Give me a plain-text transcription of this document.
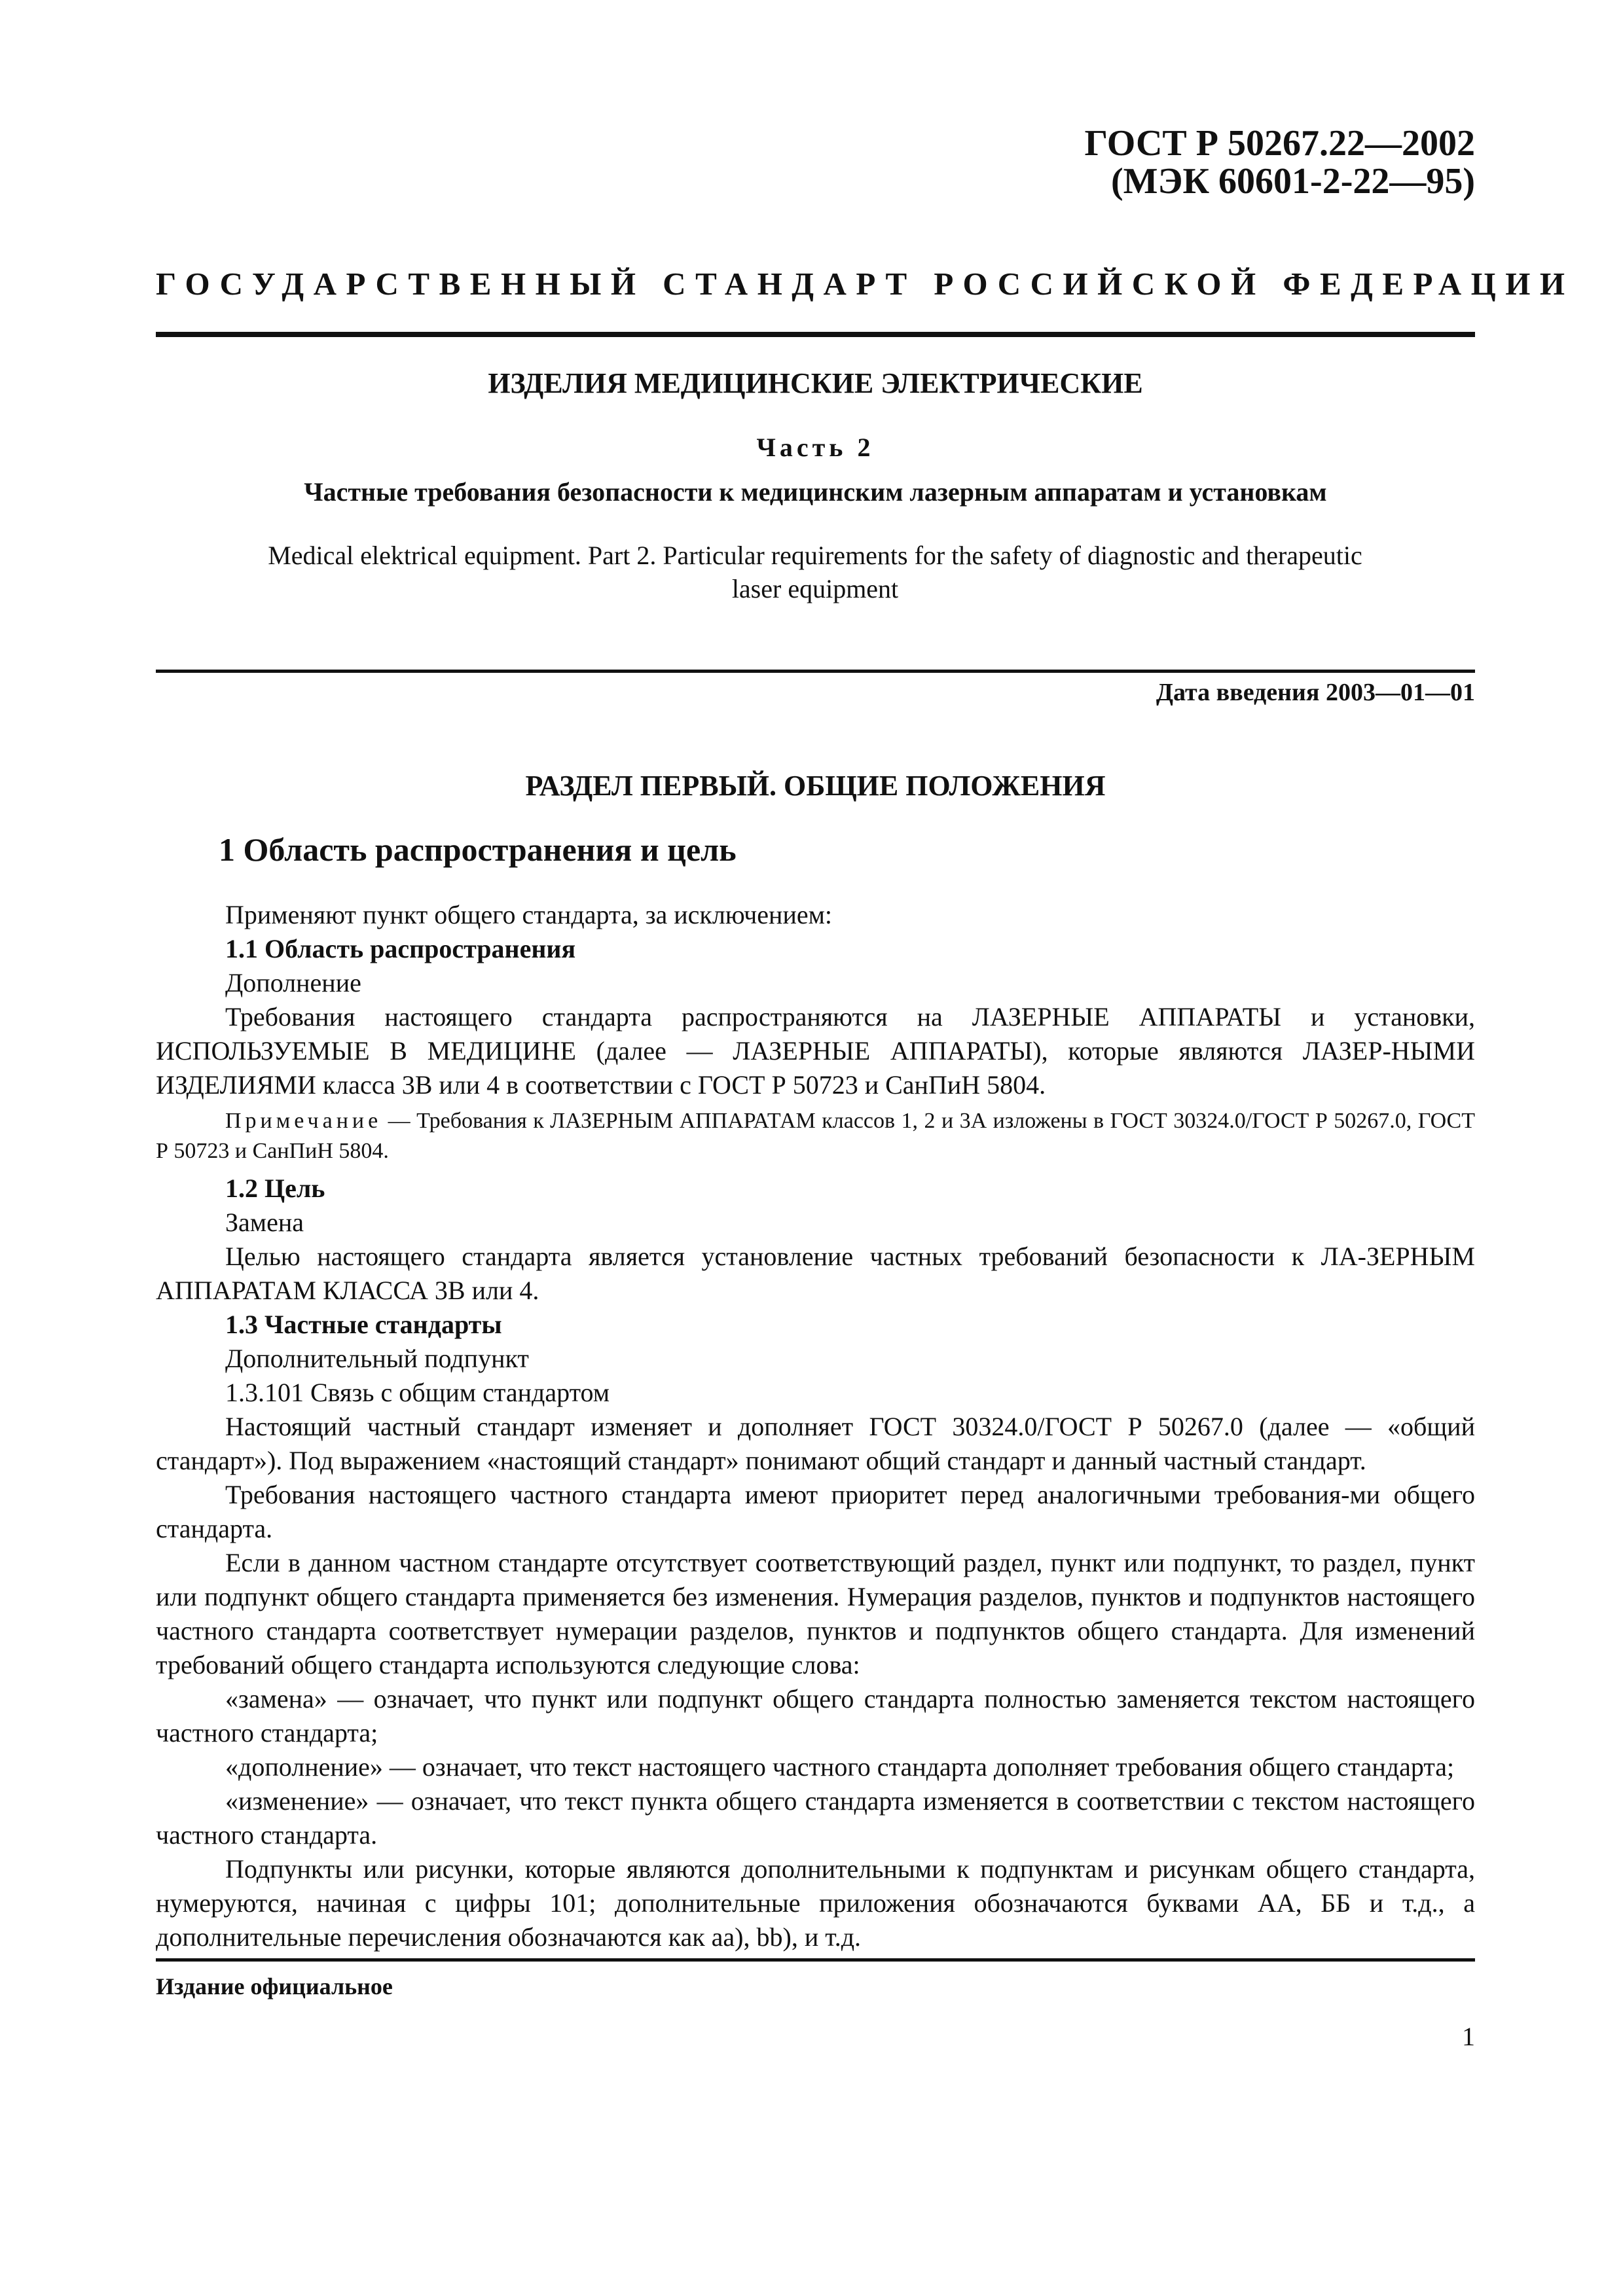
ГОСТ Р 50267.22—2002
(МЭК 60601-2-22—95)
ГОСУДАРСТВЕННЫЙ СТАНДАРТ РОССИЙСКОЙ ФЕДЕРАЦИИ
ИЗДЕЛИЯ МЕДИЦИНСКИЕ ЭЛЕКТРИЧЕСКИЕ
Часть 2
Частные требования безопасности к медицинским лазерным аппаратам и установкам
Medical elektrical equipment. Part 2. Particular requirements for the safety of diagnostic and therapeutic
laser equipment
Дата введения 2003—01—01
РАЗДЕЛ ПЕРВЫЙ. ОБЩИЕ ПОЛОЖЕНИЯ
1 Область распространения и цель

Применяют пункт общего стандарта, за исключением:

1.1 Область распространения

Дополнение

Требования настоящего стандарта распространяются на ЛАЗЕРНЫЕ АППАРАТЫ и установки, ИСПОЛЬЗУЕМЫЕ В МЕДИЦИНЕ (далее — ЛАЗЕРНЫЕ АППАРАТЫ), которые являются ЛАЗЕР-НЫМИ ИЗДЕЛИЯМИ класса 3В или 4 в соответствии с ГОСТ Р 50723 и СанПиН 5804.

Примечание — Требования к ЛАЗЕРНЫМ АППАРАТАМ классов 1, 2 и 3А изложены в ГОСТ 30324.0/ГОСТ Р 50267.0, ГОСТ Р 50723 и СанПиН 5804.

1.2 Цель

Замена

Целью настоящего стандарта является установление частных требований безопасности к ЛА-ЗЕРНЫМ АППАРАТАМ КЛАССА 3В или 4.

1.3 Частные стандарты

Дополнительный подпункт

1.3.101 Связь с общим стандартом

Настоящий частный стандарт изменяет и дополняет ГОСТ 30324.0/ГОСТ Р 50267.0 (далее — «общий стандарт»). Под выражением «настоящий стандарт» понимают общий стандарт и данный частный стандарт.

Требования настоящего частного стандарта имеют приоритет перед аналогичными требования-ми общего стандарта.

Если в данном частном стандарте отсутствует соответствующий раздел, пункт или подпункт, то раздел, пункт или подпункт общего стандарта применяется без изменения. Нумерация разделов, пунктов и подпунктов настоящего частного стандарта соответствует нумерации разделов, пунктов и подпунктов общего стандарта. Для изменений требований общего стандарта используются следующие слова:

«замена» — означает, что пункт или подпункт общего стандарта полностью заменяется текстом настоящего частного стандарта;

«дополнение» — означает, что текст настоящего частного стандарта дополняет требования общего стандарта;

«изменение» — означает, что текст пункта общего стандарта изменяется в соответствии с текстом настоящего частного стандарта.

Подпункты или рисунки, которые являются дополнительными к подпунктам и рисункам общего стандарта, нумеруются, начиная с цифры 101; дополнительные приложения обозначаются буквами АА, ББ и т.д., а дополнительные перечисления обозначаются как аа), bb), и т.д.

Издание официальное
1
